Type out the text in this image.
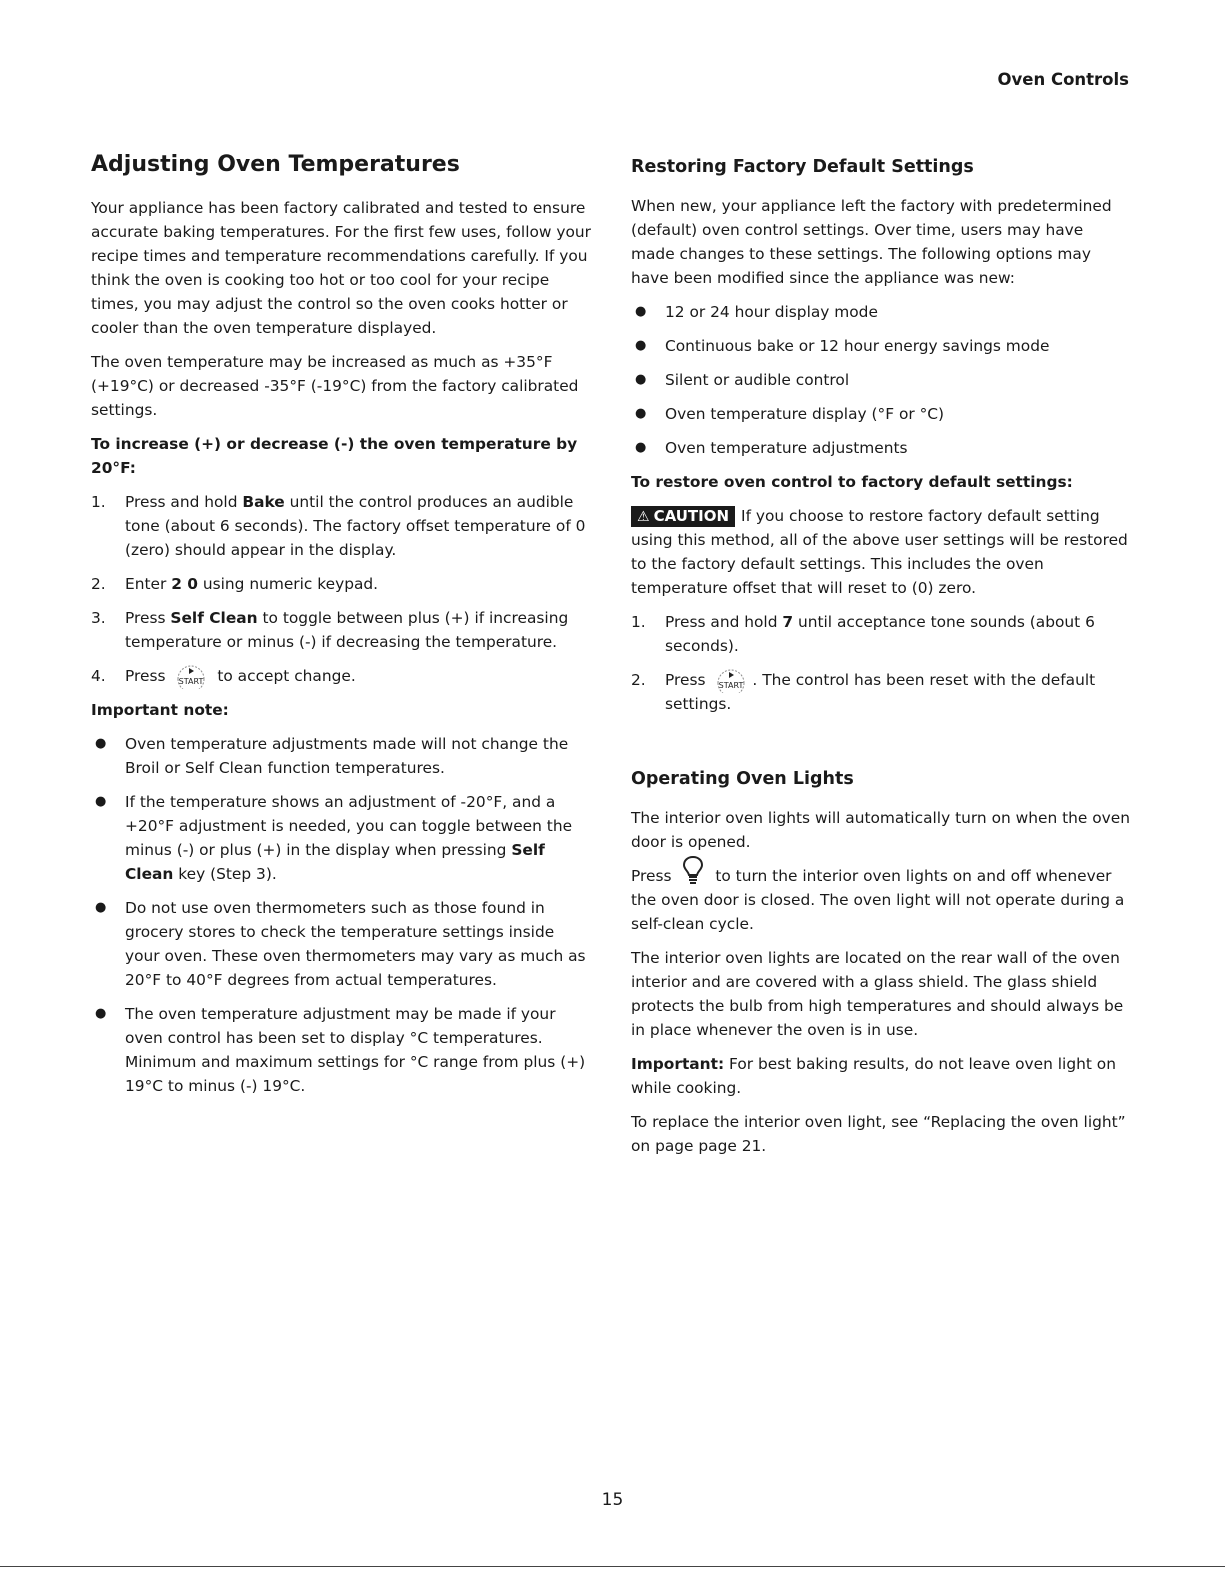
Oven Controls
Adjusting Oven Temperatures

Your appliance has been factory calibrated and tested to ensure accurate baking temperatures. For the first few uses, follow your recipe times and temperature recommendations carefully. If you think the oven is cooking too hot or too cool for your recipe times, you may adjust the control so the oven cooks hotter or cooler than the oven temperature displayed.

The oven temperature may be increased as much as +35°F (+19°C) or decreased -35°F (-19°C) from the factory calibrated settings.

To increase (+) or decrease (-) the oven temperature by 20°F:
1. Press and hold Bake until the control produces an audible tone (about 6 seconds). The factory offset temperature of 0 (zero) should appear in the display.
2. Enter 2 0 using numeric keypad.
3. Press Self Clean to toggle between plus (+) if increasing temperature or minus (-) if decreasing the temperature.
4. Press START to accept change.
Important note:
● Oven temperature adjustments made will not change the Broil or Self Clean function temperatures.
● If the temperature shows an adjustment of -20°F, and a +20°F adjustment is needed, you can toggle between the minus (-) or plus (+) in the display when pressing Self Clean key (Step 3).
● Do not use oven thermometers such as those found in grocery stores to check the temperature settings inside your oven. These oven thermometers may vary as much as 20°F to 40°F degrees from actual temperatures.
● The oven temperature adjustment may be made if your oven control has been set to display °C temperatures. Minimum and maximum settings for °C range from plus (+) 19°C to minus (-) 19°C.
Restoring Factory Default Settings

When new, your appliance left the factory with predetermined (default) oven control settings. Over time, users may have made changes to these settings. The following options may have been modified since the appliance was new:

● 12 or 24 hour display mode
● Continuous bake or 12 hour energy savings mode
● Silent or audible control
● Oven temperature display (°F or °C)
● Oven temperature adjustments
To restore oven control to factory default settings:

⚠ CAUTION If you choose to restore factory default setting using this method, all of the above user settings will be restored to the factory default settings. This includes the oven temperature offset that will reset to (0) zero.

1. Press and hold 7 until acceptance tone sounds (about 6 seconds).
2. Press START . The control has been reset with the default settings.
Operating Oven Lights

The interior oven lights will automatically turn on when the oven door is opened.

Press	to turn the interior oven lights on and off whenever the oven door is closed. The oven light will not operate during a self-clean cycle.

The interior oven lights are located on the rear wall of the oven interior and are covered with a glass shield. The glass shield protects the bulb from high temperatures and should always be in place whenever the oven is in use.

Important: For best baking results, do not leave oven light on while cooking.

To replace the interior oven light, see “Replacing the oven light” on page page 21.

15
